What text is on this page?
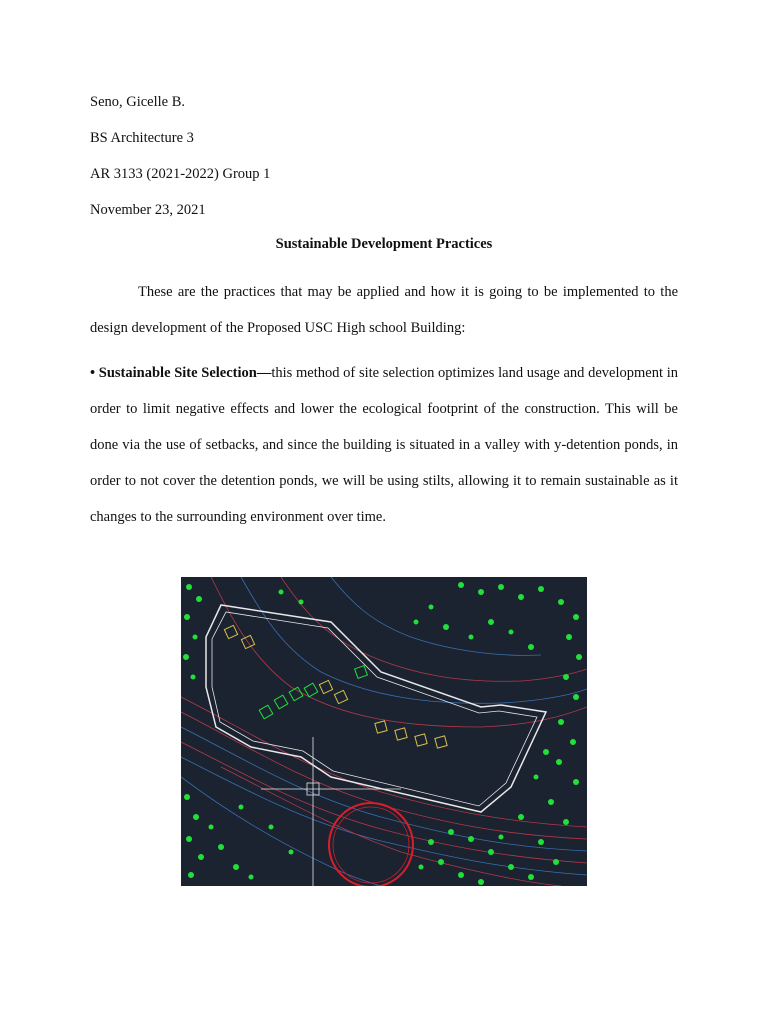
Seno, Gicelle B.
BS Architecture 3
AR 3133 (2021-2022) Group 1
November 23, 2021
Sustainable Development Practices
These are the practices that may be applied and how it is going to be implemented to the design development of the Proposed USC High school Building:
• Sustainable Site Selection—this method of site selection optimizes land usage and development in order to limit negative effects and lower the ecological footprint of the construction. This will be done via the use of setbacks, and since the building is situated in a valley with y-detention ponds, in order to not cover the detention ponds, we will be using stilts, allowing it to remain sustainable as it changes to the surrounding environment over time.
